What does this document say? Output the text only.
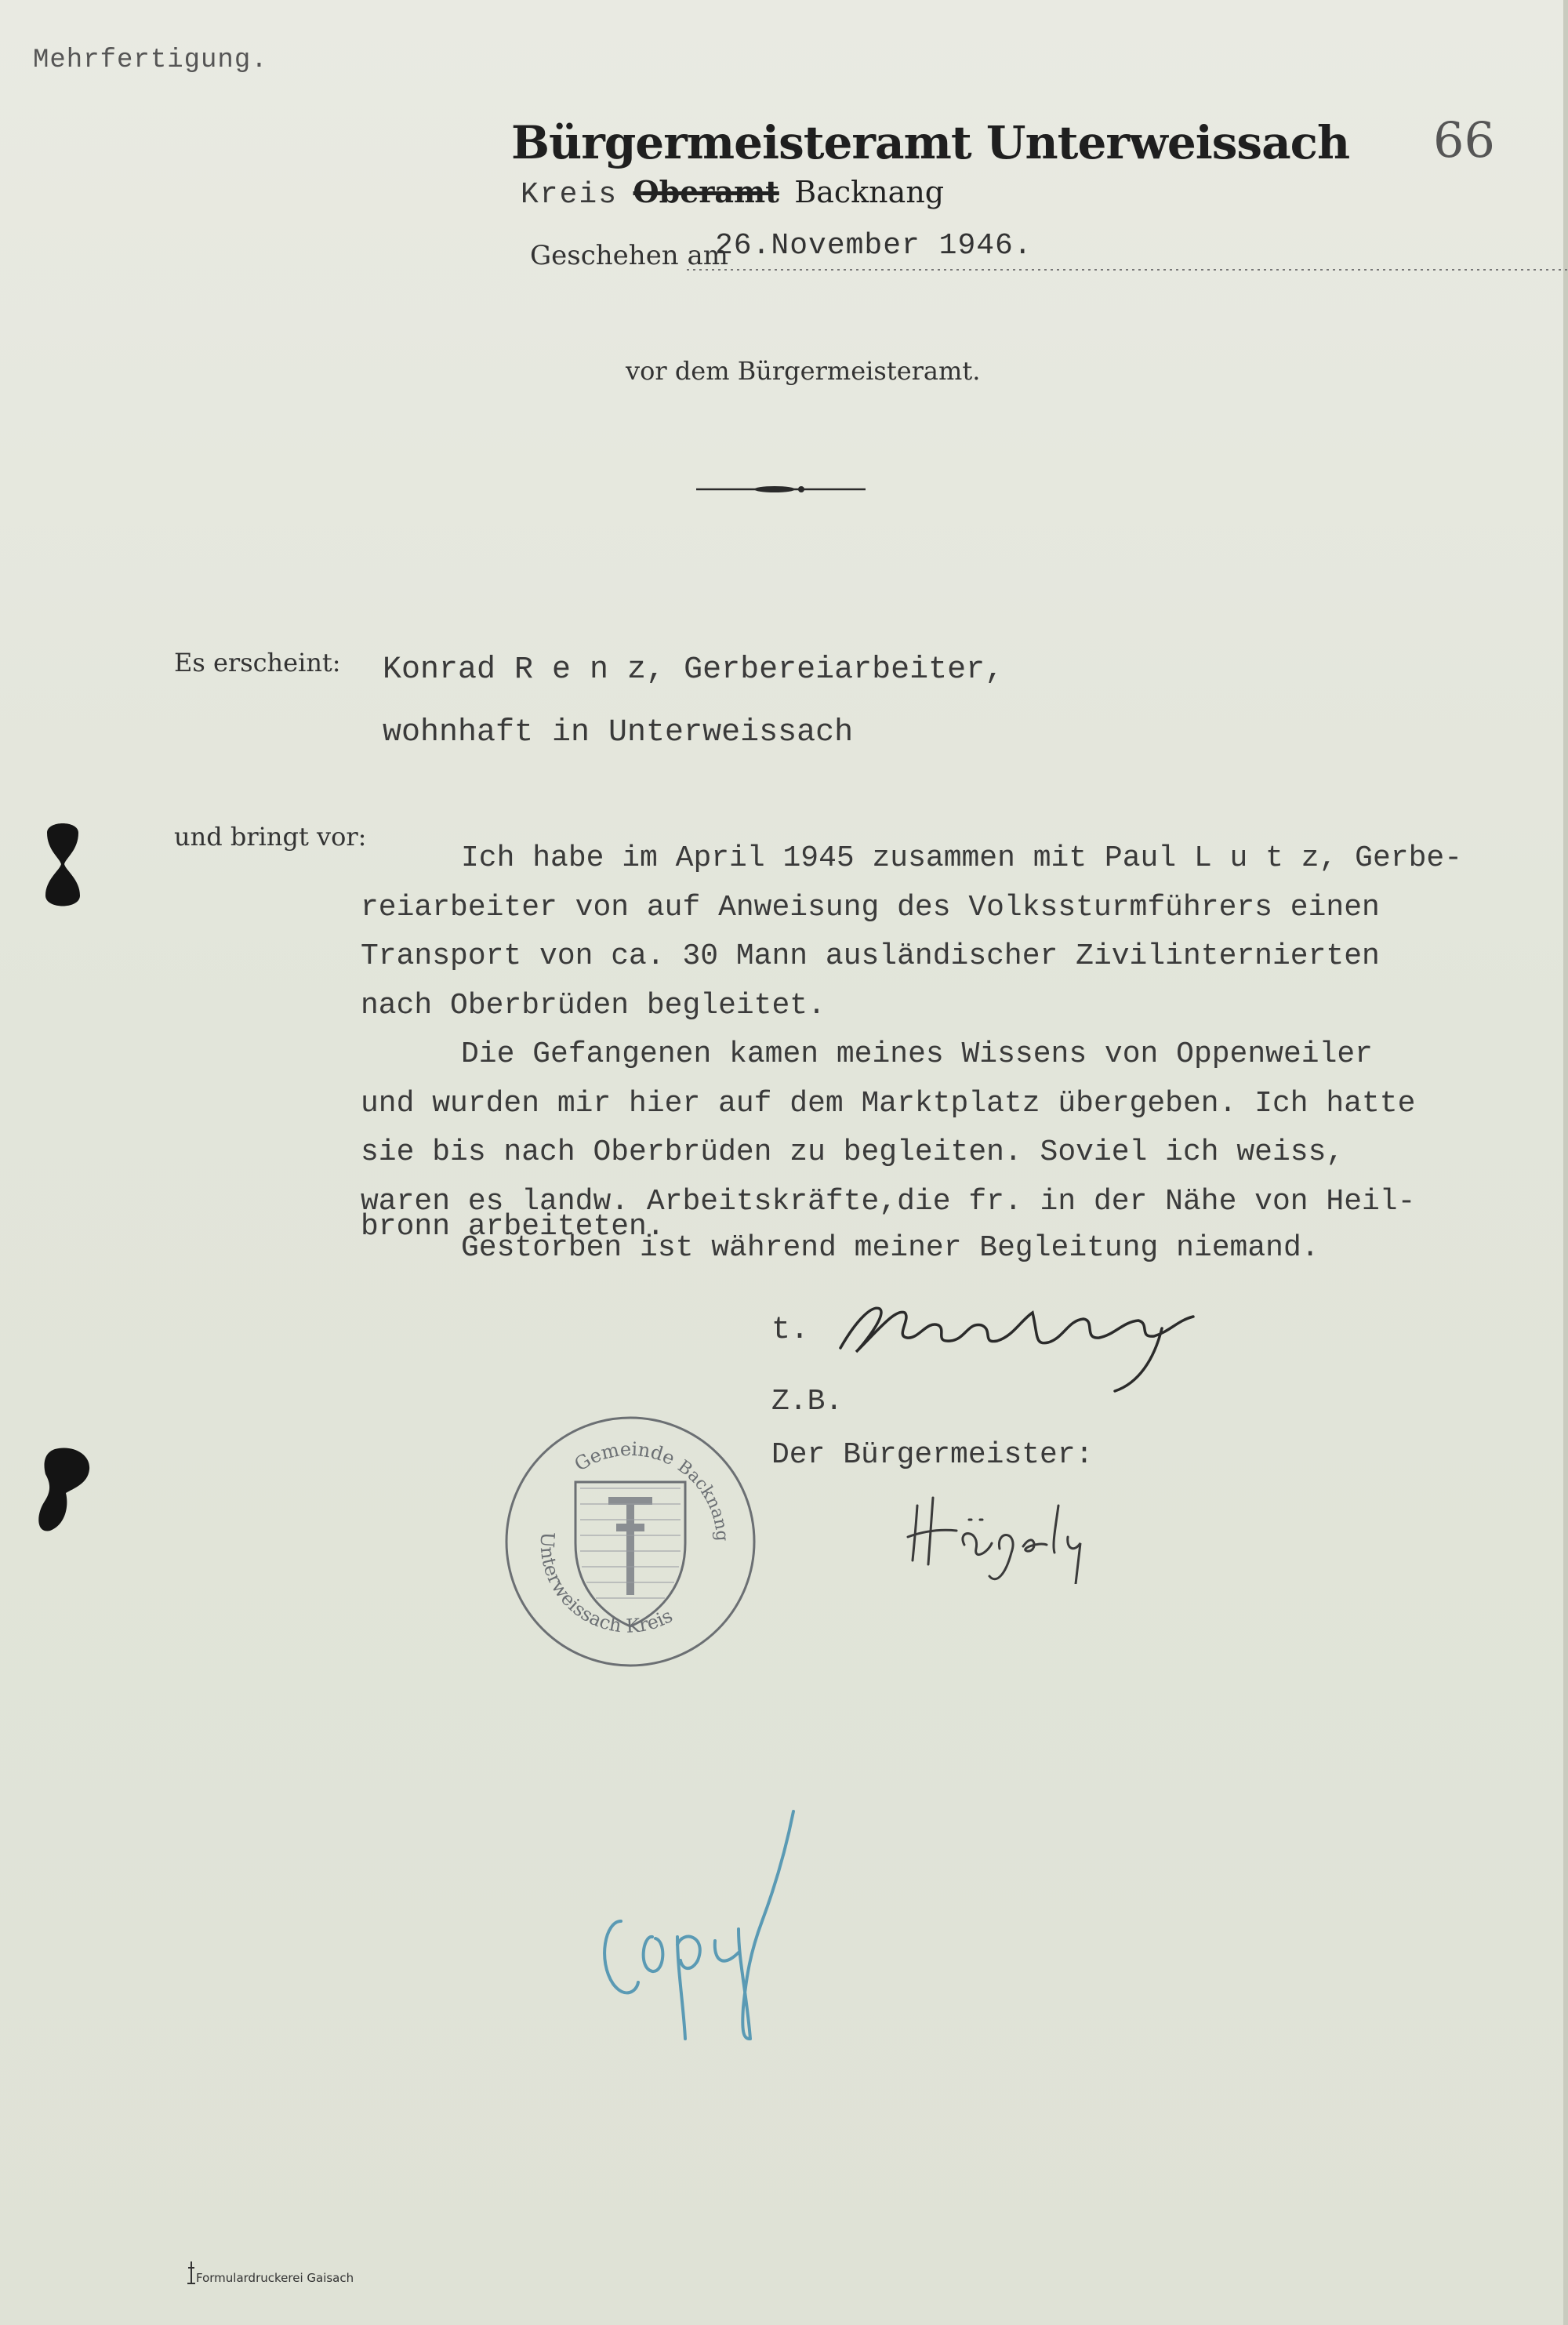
Mehrfertigung.
66
Bürgermeisteramt Unterweissach
Kreis Oberamt Backnang
Geschehen am
26.November 1946.
vor dem Bürgermeisteramt.
Es erscheint: Konrad R e n z, Gerbereiarbeiter,
wohnhaft in Unterweissach
und bringt vor:
Ich habe im April 1945 zusammen mit Paul L u t z, Gerbe-
reiarbeiter von auf Anweisung des Volkssturmführers einen
Transport von ca. 30 Mann ausländischer Zivilinternierten
nach Oberbrüden begleitet.
Die Gefangenen kamen meines Wissens von Oppenweiler
und wurden mir hier auf dem Marktplatz übergeben. Ich hatte
sie bis nach Oberbrüden zu begleiten. Soviel ich weiss,
waren es landw. Arbeitskräfte,die fr. in der Nähe von Heil-
bronn arbeiteten.
Gestorben ist während meiner Begleitung niemand.
t.
Z.B.
Der Bürgermeister:
Gemeinde
Backnang
Unterweissach Kreis
Formulardruckerei Gaisach
